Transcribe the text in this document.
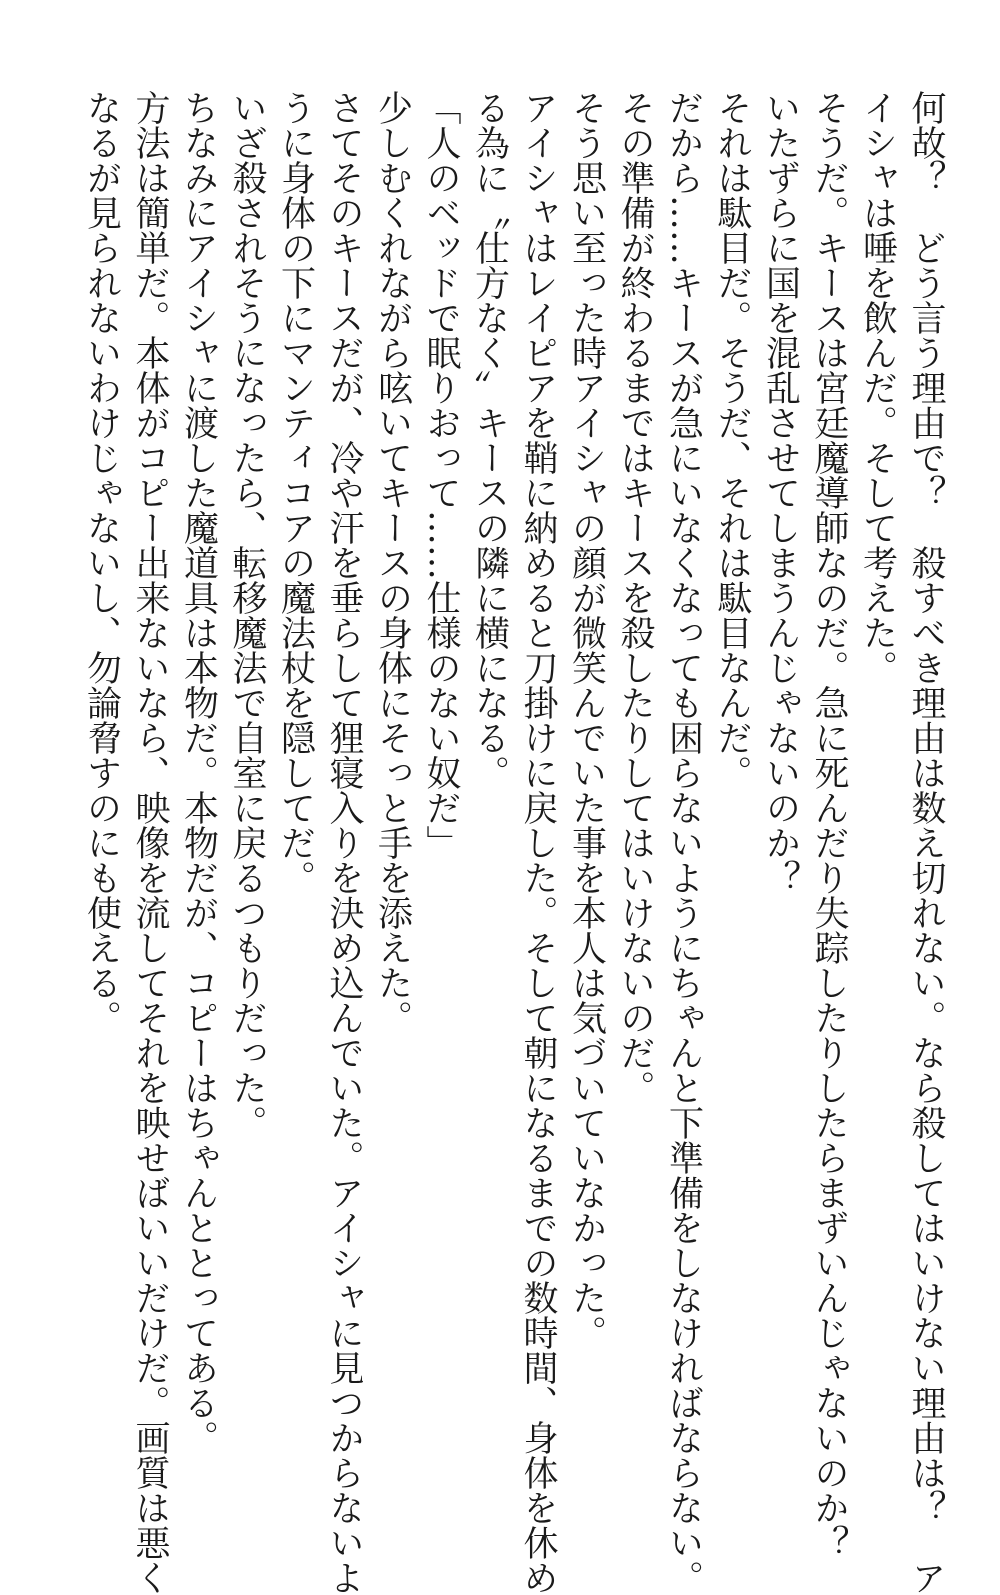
何故？　どう言う理由で？　殺すべき理由は数え切れない。なら殺してはいけない理由は？　ア
イシャは唾を飲んだ。そして考えた。
そうだ。キースは宮廷魔導師なのだ。急に死んだり失踪したりしたらまずいんじゃないのか？
いたずらに国を混乱させてしまうんじゃないのか？
それは駄目だ。そうだ、それは駄目なんだ。
だから……キースが急にいなくなっても困らないようにちゃんと下準備をしなければならない。
その準備が終わるまではキースを殺したりしてはいけないのだ。
そう思い至った時アイシャの顔が微笑んでいた事を本人は気づいていなかった。
アイシャはレイピアを鞘に納めると刀掛けに戻した。そして朝になるまでの数時間、身体を休め
る為に〝仕方なく〟キースの隣に横になる。
「人のベッドで眠りおって……仕様のない奴だ」
少しむくれながら呟いてキースの身体にそっと手を添えた。
さてそのキースだが、冷や汗を垂らして狸寝入りを決め込んでいた。アイシャに見つからないよ
うに身体の下にマンティコアの魔法杖を隠してだ。
いざ殺されそうになったら、転移魔法で自室に戻るつもりだった。
ちなみにアイシャに渡した魔道具は本物だ。本物だが、コピーはちゃんととってある。
方法は簡単だ。本体がコピー出来ないなら、映像を流してそれを映せばいいだけだ。画質は悪く
なるが見られないわけじゃないし、勿論脅すのにも使える。
